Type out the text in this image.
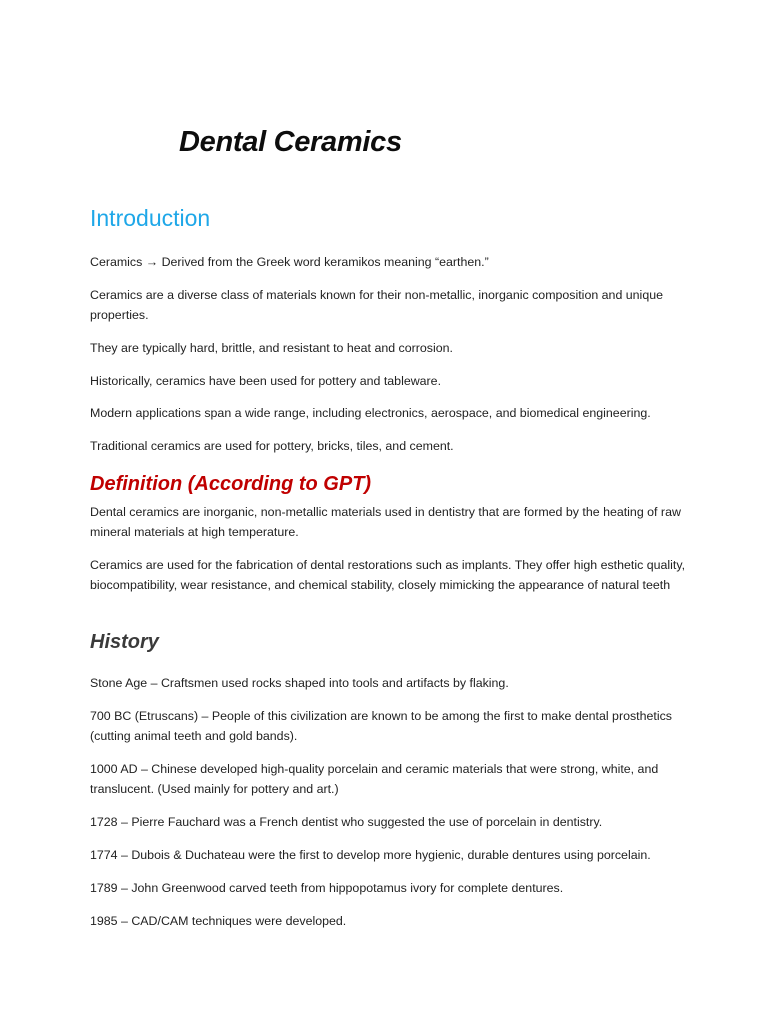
Dental Ceramics
Introduction

Ceramics → Derived from the Greek word keramikos meaning “earthen.”

Ceramics are a diverse class of materials known for their non-metallic, inorganic composition and unique properties.

They are typically hard, brittle, and resistant to heat and corrosion.

Historically, ceramics have been used for pottery and tableware.

Modern applications span a wide range, including electronics, aerospace, and biomedical engineering.

Traditional ceramics are used for pottery, bricks, tiles, and cement.

Definition (According to GPT)

Dental ceramics are inorganic, non-metallic materials used in dentistry that are formed by the heating of raw mineral materials at high temperature.

Ceramics are used for the fabrication of dental restorations such as implants. They offer high esthetic quality, biocompatibility, wear resistance, and chemical stability, closely mimicking the appearance of natural teeth

History

Stone Age – Craftsmen used rocks shaped into tools and artifacts by flaking.

700 BC (Etruscans) – People of this civilization are known to be among the first to make dental prosthetics (cutting animal teeth and gold bands).

1000 AD – Chinese developed high-quality porcelain and ceramic materials that were strong, white, and translucent. (Used mainly for pottery and art.)

1728 – Pierre Fauchard was a French dentist who suggested the use of porcelain in dentistry.

1774 – Dubois & Duchateau were the first to develop more hygienic, durable dentures using porcelain.

1789 – John Greenwood carved teeth from hippopotamus ivory for complete dentures.

1985 – CAD/CAM techniques were developed.
